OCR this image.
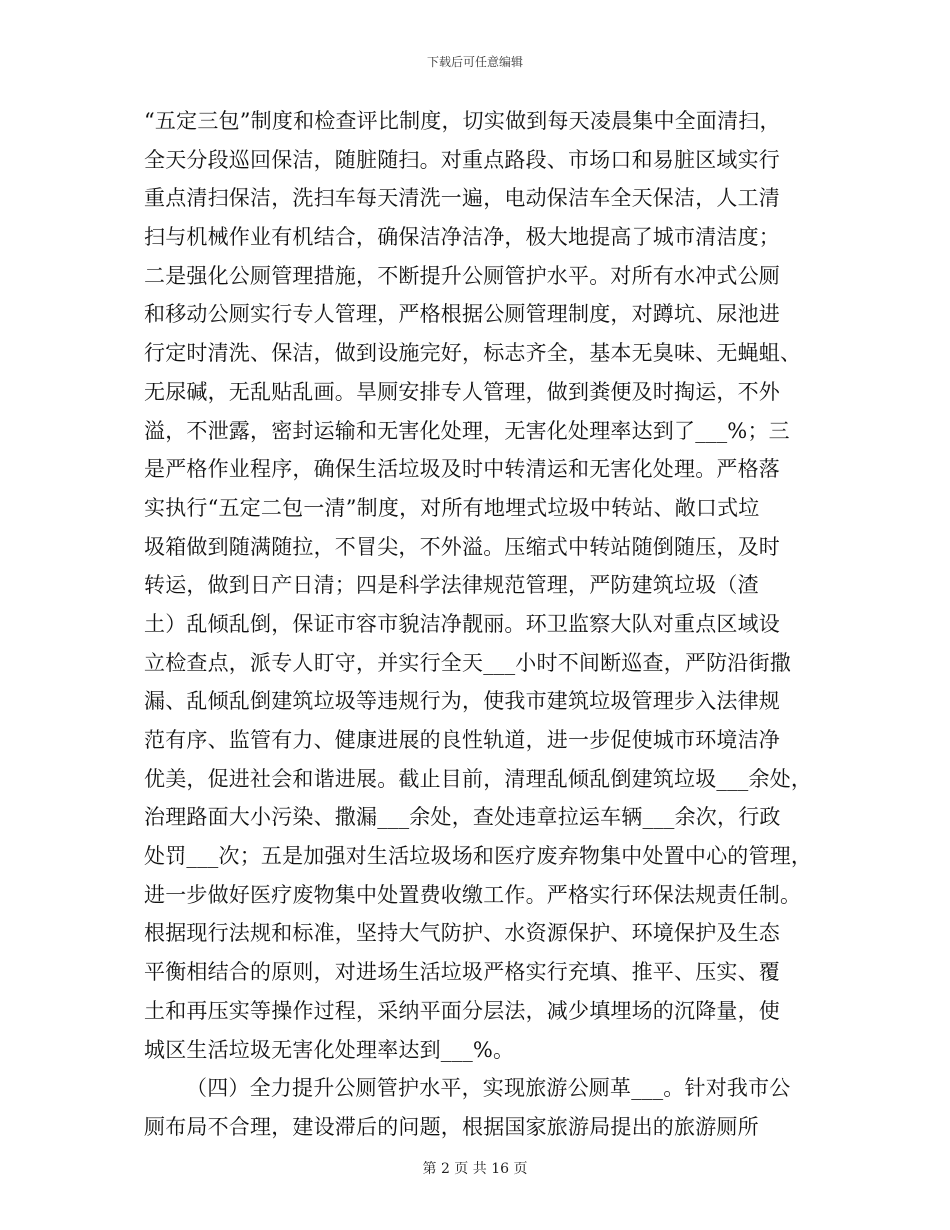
下载后可任意编辑
“五定三包”制度和检查评比制度，切实做到每天凌晨集中全面清扫，
全天分段巡回保洁，随脏随扫。对重点路段、市场口和易脏区域实行
重点清扫保洁，洗扫车每天清洗一遍，电动保洁车全天保洁，人工清
扫与机械作业有机结合，确保洁净洁净，极大地提高了城市清洁度；
二是强化公厕管理措施，不断提升公厕管护水平。对所有水冲式公厕
和移动公厕实行专人管理，严格根据公厕管理制度，对蹲坑、尿池进
行定时清洗、保洁，做到设施完好，标志齐全，基本无臭味、无蝇蛆、
无尿碱，无乱贴乱画。旱厕安排专人管理，做到粪便及时掏运，不外
溢，不泄露，密封运输和无害化处理，无害化处理率达到了___%；三
是严格作业程序，确保生活垃圾及时中转清运和无害化处理。严格落
实执行“五定二包一清”制度，对所有地埋式垃圾中转站、敞口式垃
圾箱做到随满随拉，不冒尖，不外溢。压缩式中转站随倒随压，及时
转运，做到日产日清；四是科学法律规范管理，严防建筑垃圾（渣
土）乱倾乱倒，保证市容市貌洁净靓丽。环卫监察大队对重点区域设
立检查点，派专人盯守，并实行全天___小时不间断巡查，严防沿街撒
漏、乱倾乱倒建筑垃圾等违规行为，使我市建筑垃圾管理步入法律规
范有序、监管有力、健康进展的良性轨道，进一步促使城市环境洁净
优美，促进社会和谐进展。截止目前，清理乱倾乱倒建筑垃圾___余处，
治理路面大小污染、撒漏___余处，查处违章拉运车辆___余次，行政
处罚___次；五是加强对生活垃圾场和医疗废弃物集中处置中心的管理，
进一步做好医疗废物集中处置费收缴工作。严格实行环保法规责任制。
根据现行法规和标准，坚持大气防护、水资源保护、环境保护及生态
平衡相结合的原则，对进场生活垃圾严格实行充填、推平、压实、覆
土和再压实等操作过程，采纳平面分层法，减少填埋场的沉降量，使
城区生活垃圾无害化处理率达到___%。
（四）全力提升公厕管护水平，实现旅游公厕革___。针对我市公
厕布局不合理，建设滞后的问题，根据国家旅游局提出的旅游厕所
第 2 页 共 16 页
